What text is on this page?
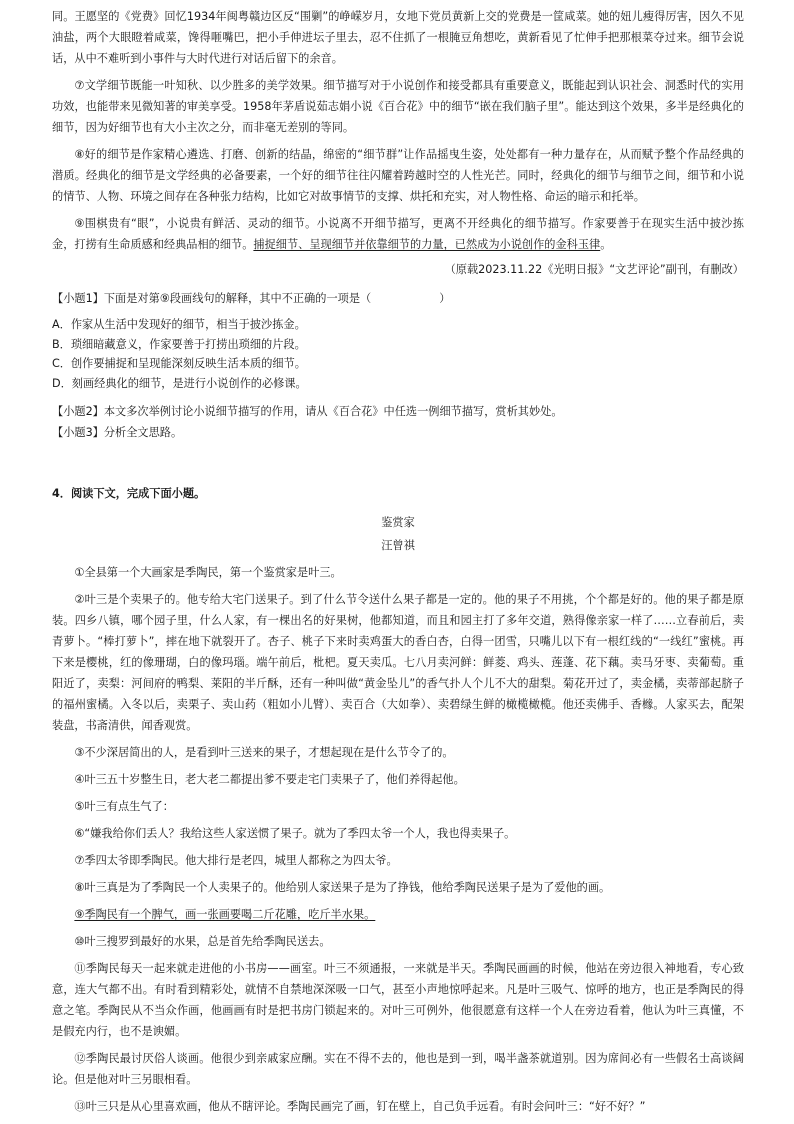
同。王愿坚的《党费》回忆1934年闽粤赣边区反“围剿”的峥嵘岁月，女地下党员黄新上交的党费是一筐咸菜。她的妞儿瘦得厉害，因久不见油盐，两个大眼瞪着咸菜，馋得咂嘴巴，把小手伸进坛子里去，忍不住抓了一根腌豆角想吃，黄新看见了忙伸手把那根菜夺过来。细节会说话，从中不难听到小事件与大时代进行对话后留下的余音。

⑦文学细节既能一叶知秋、以少胜多的美学效果。细节描写对于小说创作和接受都具有重要意义，既能起到认识社会、洞悉时代的实用功效，也能带来见微知著的审美享受。1958年茅盾说茹志娟小说《百合花》中的细节“嵌在我们脑子里”。能达到这个效果，多半是经典化的细节，因为好细节也有大小主次之分，而非毫无差别的等同。

⑧好的细节是作家精心遴选、打磨、创新的结晶，绵密的“细节群”让作品摇曳生姿，处处都有一种力量存在，从而赋予整个作品经典的潜质。经典化的细节是文学经典的必备要素，一个好的细节往往闪耀着跨越时空的人性光芒。同时，经典化的细节与细节之间，细节和小说的情节、人物、环境之间存在各种张力结构，比如它对故事情节的支撑、烘托和充实，对人物性格、命运的暗示和托举。

⑨围棋贵有“眼”，小说贵有鲜活、灵动的细节。小说离不开细节描写，更离不开经典化的细节描写。作家要善于在现实生活中披沙拣金，打捞有生命质感和经典品相的细节。捕捉细节、呈现细节并依靠细节的力量，已然成为小说创作的金科玉律。

（原载2023.11.22《光明日报》“文艺评论”副刊，有删改）

【小题1】下面是对第⑨段画线句的解释，其中不正确的一项是（	）

A．作家从生活中发现好的细节，相当于披沙拣金。

B．琐细暗藏意义，作家要善于打捞出琐细的片段。

C．创作要捕捉和呈现能深刻反映生活本质的细节。

D．刻画经典化的细节，是进行小说创作的必修课。

【小题2】本文多次举例讨论小说细节描写的作用，请从《百合花》中任选一例细节描写，赏析其妙处。

【小题3】分析全文思路。

4．阅读下文，完成下面小题。

鉴赏家

汪曾祺

①全县第一个大画家是季陶民，第一个鉴赏家是叶三。

②叶三是个卖果子的。他专给大宅门送果子。到了什么节令送什么果子都是一定的。他的果子不用挑，个个都是好的。他的果子都是原装。四乡八镇，哪个园子里，什么人家，有一棵出名的好果树，他都知道，而且和园主打了多年交道，熟得像亲家一样了……立春前后，卖青萝卜。“棒打萝卜”，摔在地下就裂开了。杏子、桃子下来时卖鸡蛋大的香白杏，白得一团雪，只嘴儿以下有一根红线的“一线红”蜜桃。再下来是樱桃，红的像珊瑚，白的像玛瑙。端午前后，枇杷。夏天卖瓜。七八月卖河鲜：鲜菱、鸡头、莲蓬、花下藕。卖马牙枣、卖葡萄。重阳近了，卖梨：河间府的鸭梨、莱阳的半斤酥，还有一种叫做“黄金坠儿”的香气扑人个儿不大的甜梨。菊花开过了，卖金橘，卖蒂部起脐子的福州蜜橘。入冬以后，卖栗子、卖山药（粗如小儿臂）、卖百合（大如拳）、卖碧绿生鲜的橄榄橄榄。他还卖佛手、香橼。人家买去，配架装盘，书斋清供，闻香观赏。

③不少深居简出的人，是看到叶三送来的果子，才想起现在是什么节令了的。

④叶三五十岁整生日，老大老二都提出爹不要走宅门卖果子了，他们养得起他。

⑤叶三有点生气了：

⑥“嫌我给你们丢人？我给这些人家送惯了果子。就为了季四太爷一个人，我也得卖果子。

⑦季四太爷即季陶民。他大排行是老四，城里人都称之为四太爷。

⑧叶三真是为了季陶民一个人卖果子的。他给别人家送果子是为了挣钱，他给季陶民送果子是为了爱他的画。

⑨季陶民有一个脾气，画一张画要喝二斤花雕，吃斤半水果。

⑩叶三搜罗到最好的水果，总是首先给季陶民送去。

⑪季陶民每天一起来就走进他的小书房——画室。叶三不须通报，一来就是半天。季陶民画画的时候，他站在旁边很入神地看，专心致意，连大气都不出。有时看到精彩处，就情不自禁地深深吸一口气，甚至小声地惊呼起来。凡是叶三吸气、惊呼的地方，也正是季陶民的得意之笔。季陶民从不当众作画，他画画有时是把书房门锁起来的。对叶三可例外，他很愿意有这样一个人在旁边看着，他认为叶三真懂，不是假充内行，也不是谀媚。

⑫季陶民最讨厌俗人谈画。他很少到亲戚家应酬。实在不得不去的，他也是到一到，喝半盏茶就道别。因为席间必有一些假名士高谈阔论。但是他对叶三另眼相看。

⑬叶三只是从心里喜欢画，他从不瞎评论。季陶民画完了画，钉在壁上，自己负手远看。有时会问叶三：“好不好？”
